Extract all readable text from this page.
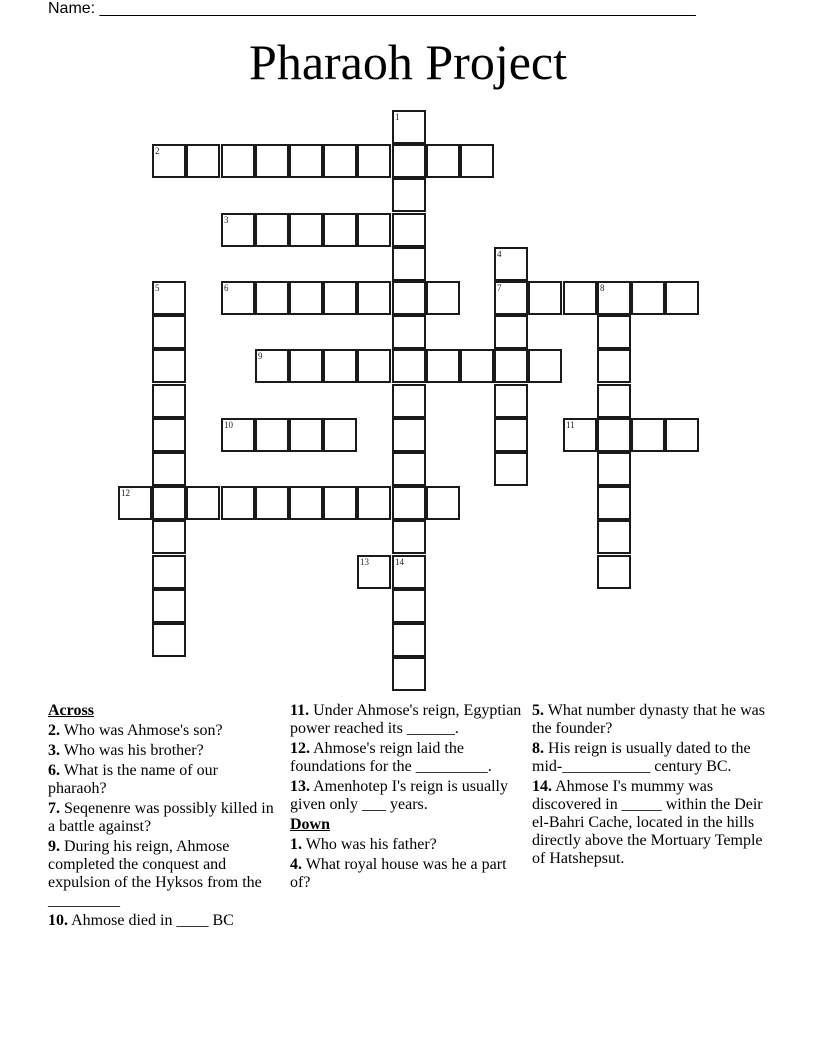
Name: ___________________________________________________________________
Pharaoh Project
1
2
3
4
7
5	6	8
9
10	11
12
13	14
Across
2. Who was Ahmose's son?
3. Who was his brother?
6. What is the name of our pharaoh?
7. Seqenenre was possibly killed in a battle against?
9. During his reign, Ahmose completed the conquest and expulsion of the Hyksos from the _________
10. Ahmose died in ____ BC
11. Under Ahmose's reign, Egyptian power reached its ______.
12. Ahmose's reign laid the foundations for the _________.
13. Amenhotep I's reign is usually given only ___ years.
Down
1. Who was his father?
4. What royal house was he a part of?
5. What number dynasty that he was the founder?
8. His reign is usually dated to the mid-___________ century BC.
14. Ahmose I's mummy was discovered in _____ within the Deir el-Bahri Cache, located in the hills directly above the Mortuary Temple of Hatshepsut.
